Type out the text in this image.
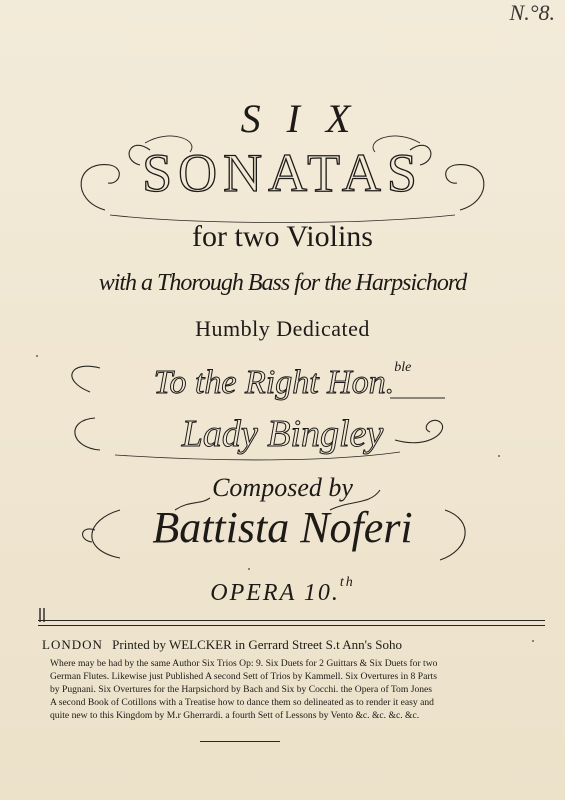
N.°8.
SIX
SONATAS
for two Violins
with a Thorough Bass for the Harpsichord
Humbly Dedicated
To the Right Hon.$^{ble}$
Lady Bingley
Composed by
Battista Noferi
OPERA 10.$^{th}$
LONDON Printed by WELCKER in Gerrard Street S.t Ann's Soho
Where may be had by the same Author Six Trios Op: 9. Six Duets for 2 Guittars & Six Duets for two
German Flutes. Likewise just Published A second Sett of Trios by Kammell. Six Overtures in 8 Parts
by Pugnani. Six Overtures for the Harpsichord by Bach and Six by Cocchi. the Opera of Tom Jones
A second Book of Cotillons with a Treatise how to dance them so delineated as to render it easy and
quite new to this Kingdom by M.r Gherrardi. a fourth Sett of Lessons by Vento &c. &c. &c. &c.
